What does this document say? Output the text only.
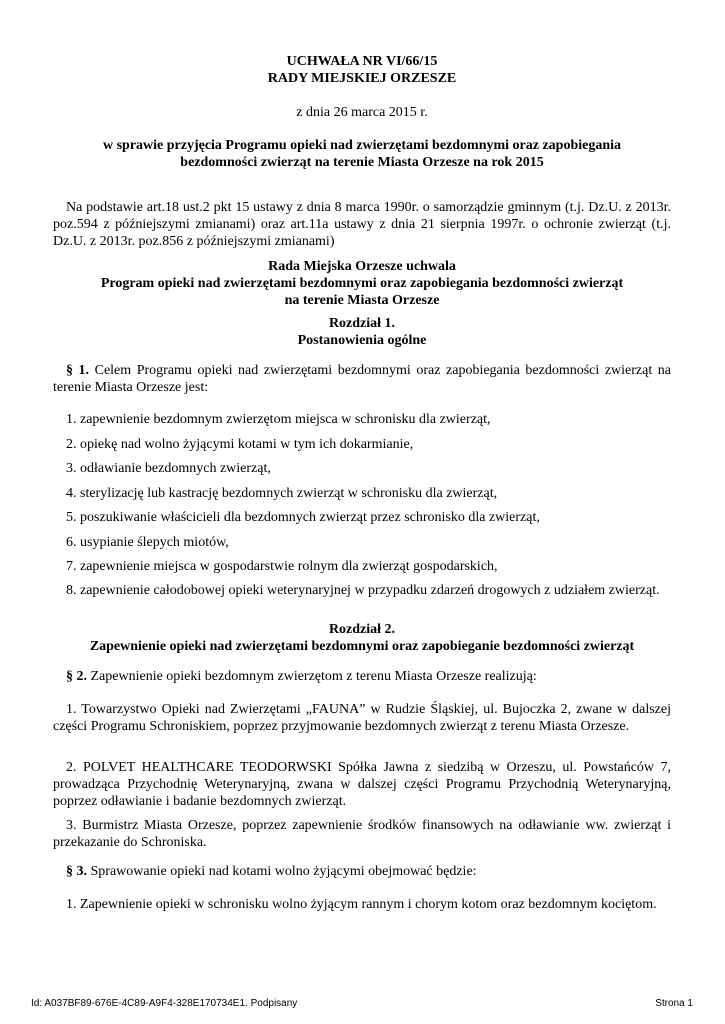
UCHWAŁA NR VI/66/15

RADY MIEJSKIEJ ORZESZE

z dnia 26 marca 2015 r.

w sprawie przyjęcia Programu opieki nad zwierzętami bezdomnymi oraz zapobiegania

bezdomności zwierząt na terenie Miasta Orzesze na rok 2015

Na podstawie art.18 ust.2 pkt 15 ustawy z dnia 8 marca 1990r. o samorządzie gminnym (t.j. Dz.U. z 2013r. poz.594 z późniejszymi zmianami) oraz art.11a ustawy z dnia 21 sierpnia 1997r. o ochronie zwierząt (t.j. Dz.U. z 2013r. poz.856 z późniejszymi zmianami)

Rada Miejska Orzesze uchwala

Program opieki nad zwierzętami bezdomnymi oraz zapobiegania bezdomności zwierząt

na terenie Miasta Orzesze

Rozdział 1.

Postanowienia ogólne

§ 1. Celem Programu opieki nad zwierzętami bezdomnymi oraz zapobiegania bezdomności zwierząt na terenie Miasta Orzesze jest:

1. zapewnienie bezdomnym zwierzętom miejsca w schronisku dla zwierząt,

2. opiekę nad wolno żyjącymi kotami w tym ich dokarmianie,

3. odławianie bezdomnych zwierząt,

4. sterylizację lub kastrację bezdomnych zwierząt w schronisku dla zwierząt,

5. poszukiwanie właścicieli dla bezdomnych zwierząt przez schronisko dla zwierząt,

6. usypianie ślepych miotów,

7. zapewnienie miejsca w gospodarstwie rolnym dla zwierząt gospodarskich,

8. zapewnienie całodobowej opieki weterynaryjnej w przypadku zdarzeń drogowych z udziałem zwierząt.

Rozdział 2.

Zapewnienie opieki nad zwierzętami bezdomnymi oraz zapobieganie bezdomności zwierząt

§ 2. Zapewnienie opieki bezdomnym zwierzętom z terenu Miasta Orzesze realizują:

1. Towarzystwo Opieki nad Zwierzętami „FAUNA” w Rudzie Śląskiej, ul. Bujoczka 2, zwane w dalszej części Programu Schroniskiem, poprzez przyjmowanie bezdomnych zwierząt z terenu Miasta Orzesze.

2. POLVET HEALTHCARE TEODORWSKI Spółka Jawna z siedzibą w Orzeszu, ul. Powstańców 7, prowadząca Przychodnię Weterynaryjną, zwana w dalszej części Programu Przychodnią Weterynaryjną, poprzez odławianie i badanie bezdomnych zwierząt.

3. Burmistrz Miasta Orzesze, poprzez zapewnienie środków finansowych na odławianie ww. zwierząt i przekazanie do Schroniska.

§ 3. Sprawowanie opieki nad kotami wolno żyjącymi obejmować będzie:

1. Zapewnienie opieki w schronisku wolno żyjącym rannym i chorym kotom oraz bezdomnym kociętom.

Id: A037BF89-676E-4C89-A9F4-328E170734E1. Podpisany	Strona 1
